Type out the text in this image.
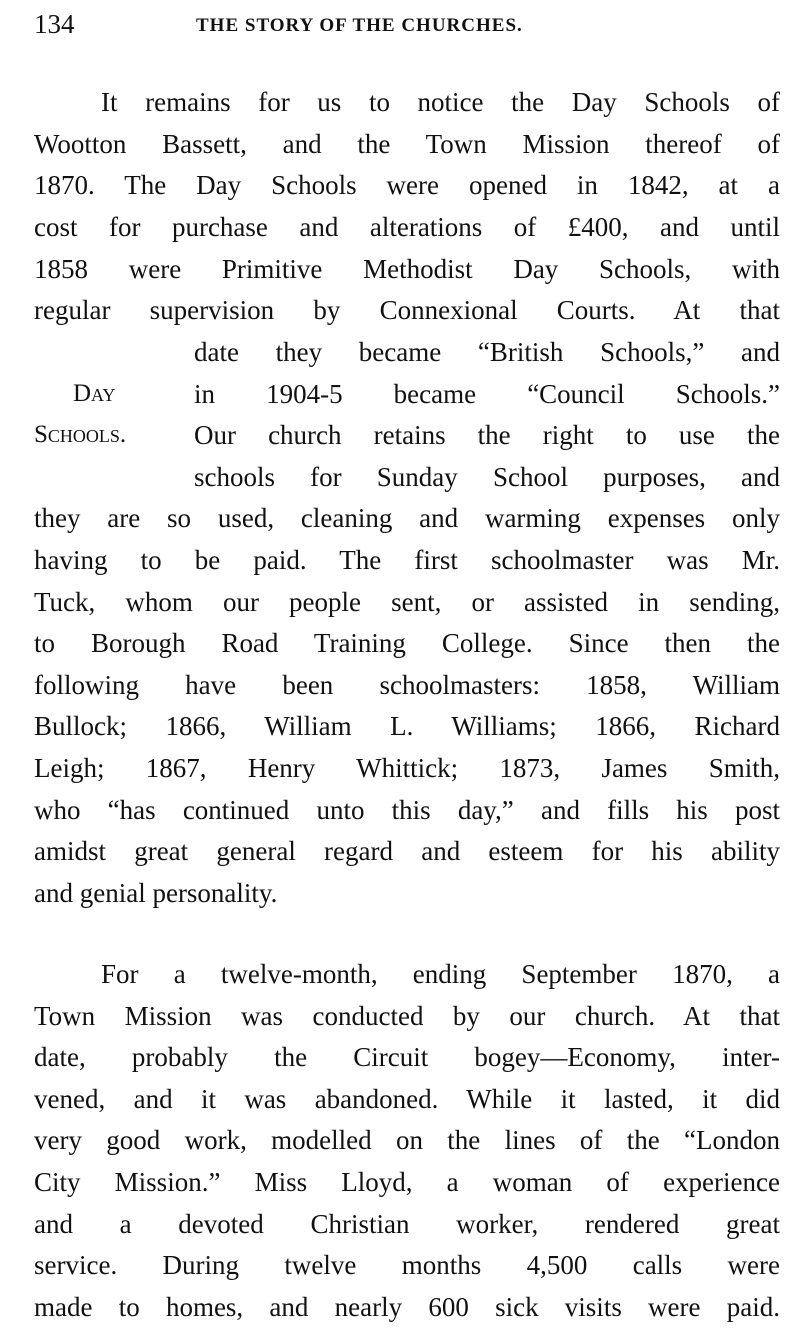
134	THE STORY OF THE CHURCHES.
It remains for us to notice the Day Schools of
Wootton Bassett, and the Town Mission thereof of
1870. The Day Schools were opened in 1842, at a
cost for purchase and alterations of £400, and until
1858 were Primitive Methodist Day Schools, with
regular supervision by Connexional Courts. At that
date they became “British Schools,” and
in 1904-5 became “Council Schools.”
Our church retains the right to use the
schools for Sunday School purposes, and
they are so used, cleaning and warming expenses only
having to be paid. The first schoolmaster was Mr.
Tuck, whom our people sent, or assisted in sending,
to Borough Road Training College. Since then the
following have been schoolmasters: 1858, William
Bullock; 1866, William L. Williams; 1866, Richard
Leigh; 1867, Henry Whittick; 1873, James Smith,
who “has continued unto this day,” and fills his post
amidst great general regard and esteem for his ability
and genial personality.
Day
Schools.
For a twelve-month, ending September 1870, a
Town Mission was conducted by our church. At that
date, probably the Circuit bogey—Economy, inter-
vened, and it was abandoned. While it lasted, it did
very good work, modelled on the lines of the “London
City Mission.” Miss Lloyd, a woman of experience
and a devoted Christian worker, rendered great
service. During twelve months 4,500 calls were
made to homes, and nearly 600 sick visits were paid.
